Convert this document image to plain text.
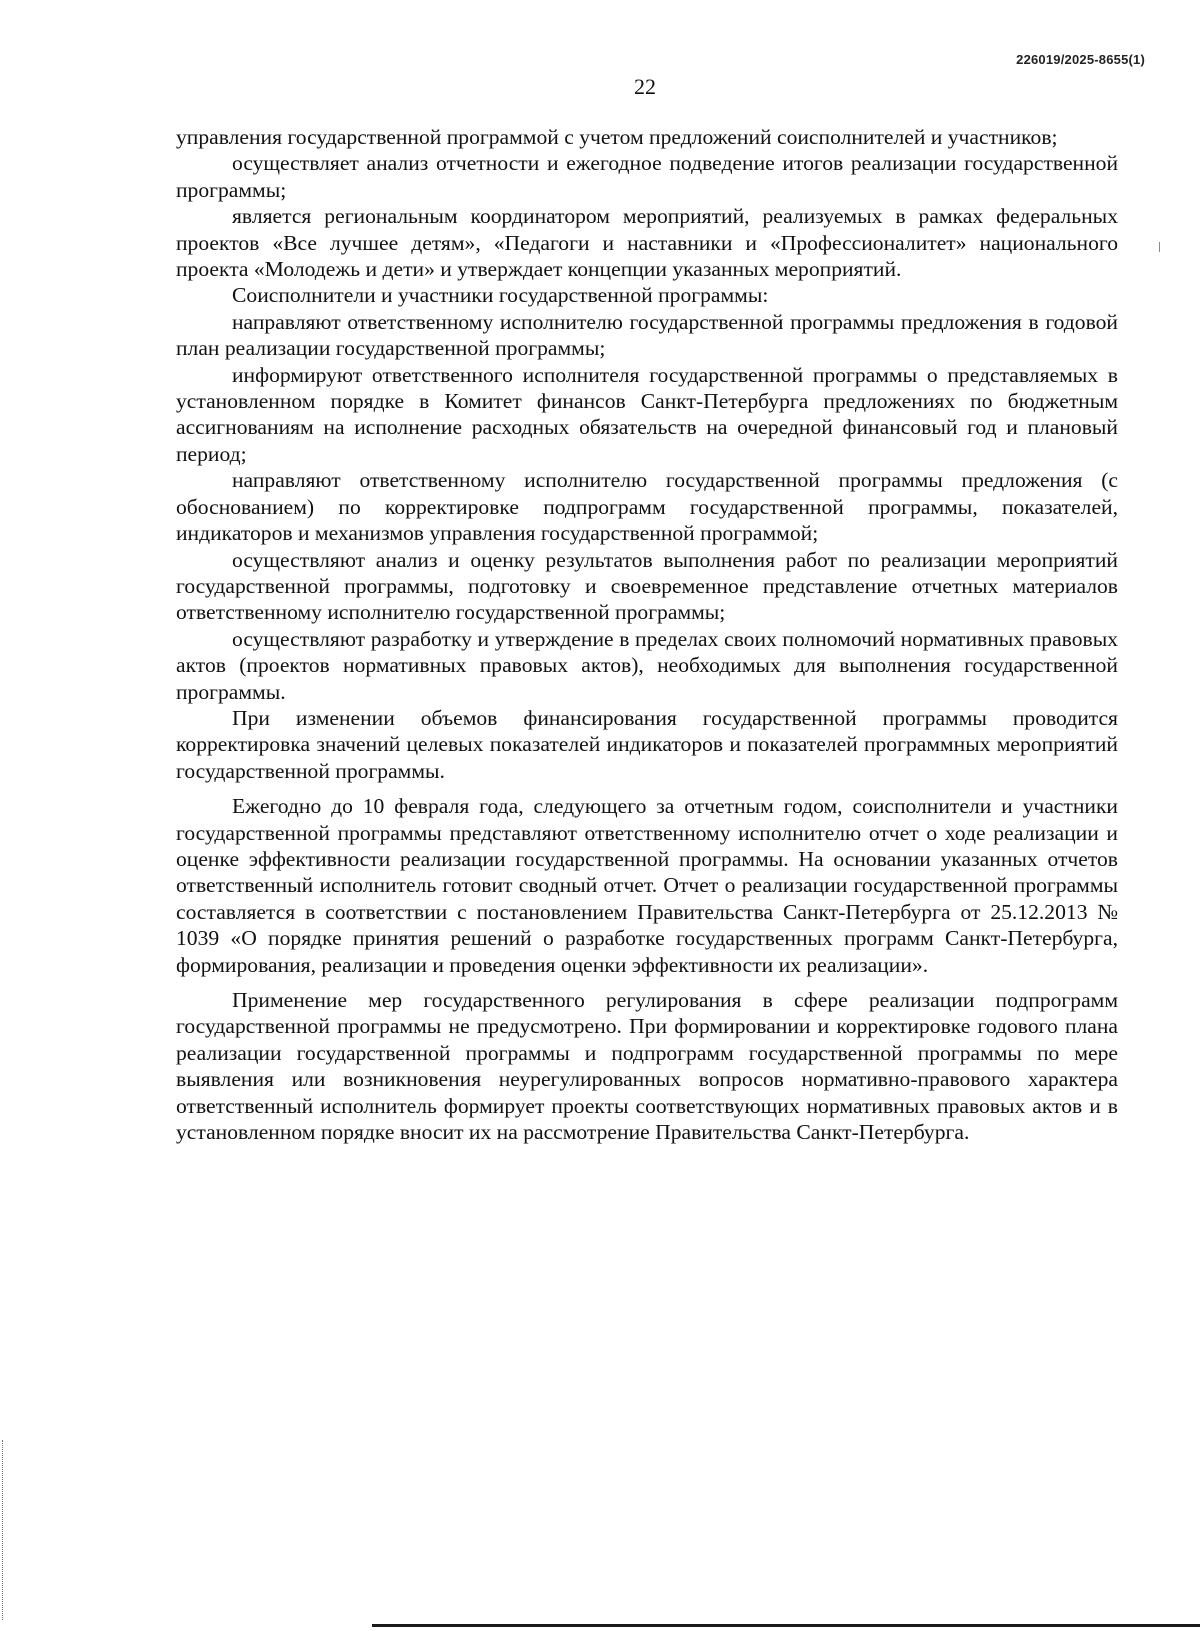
226019/2025-8655(1)
22

управления государственной программой с учетом предложений соисполнителей и участников;

осуществляет анализ отчетности и ежегодное подведение итогов реализации государственной программы;

является региональным координатором мероприятий, реализуемых в рамках федеральных проектов «Все лучшее детям», «Педагоги и наставники и «Профессионалитет» национального проекта «Молодежь и дети» и утверждает концепции указанных мероприятий.

Соисполнители и участники государственной программы:

направляют ответственному исполнителю государственной программы предложения в годовой план реализации государственной программы;

информируют ответственного исполнителя государственной программы о представляемых в установленном порядке в Комитет финансов Санкт-Петербурга предложениях по бюджетным ассигнованиям на исполнение расходных обязательств на очередной финансовый год и плановый период;

направляют ответственному исполнителю государственной программы предложения (с обоснованием) по корректировке подпрограмм государственной программы, показателей, индикаторов и механизмов управления государственной программой;

осуществляют анализ и оценку результатов выполнения работ по реализации мероприятий государственной программы, подготовку и своевременное представление отчетных материалов ответственному исполнителю государственной программы;

осуществляют разработку и утверждение в пределах своих полномочий нормативных правовых актов (проектов нормативных правовых актов), необходимых для выполнения государственной программы.

При изменении объемов финансирования государственной программы проводится корректировка значений целевых показателей индикаторов и показателей программных мероприятий государственной программы.

Ежегодно до 10 февраля года, следующего за отчетным годом, соисполнители и участники государственной программы представляют ответственному исполнителю отчет о ходе реализации и оценке эффективности реализации государственной программы. На основании указанных отчетов ответственный исполнитель готовит сводный отчет. Отчет о реализации государственной программы составляется в соответствии с постановлением Правительства Санкт-Петербурга от 25.12.2013 № 1039 «О порядке принятия решений о разработке государственных программ Санкт-Петербурга, формирования, реализации и проведения оценки эффективности их реализации».

Применение мер государственного регулирования в сфере реализации подпрограмм государственной программы не предусмотрено. При формировании и корректировке годового плана реализации государственной программы и подпрограмм государственной программы по мере выявления или возникновения неурегулированных вопросов нормативно-правового характера ответственный исполнитель формирует проекты соответствующих нормативных правовых актов и в установленном порядке вносит их на рассмотрение Правительства Санкт-Петербурга.
